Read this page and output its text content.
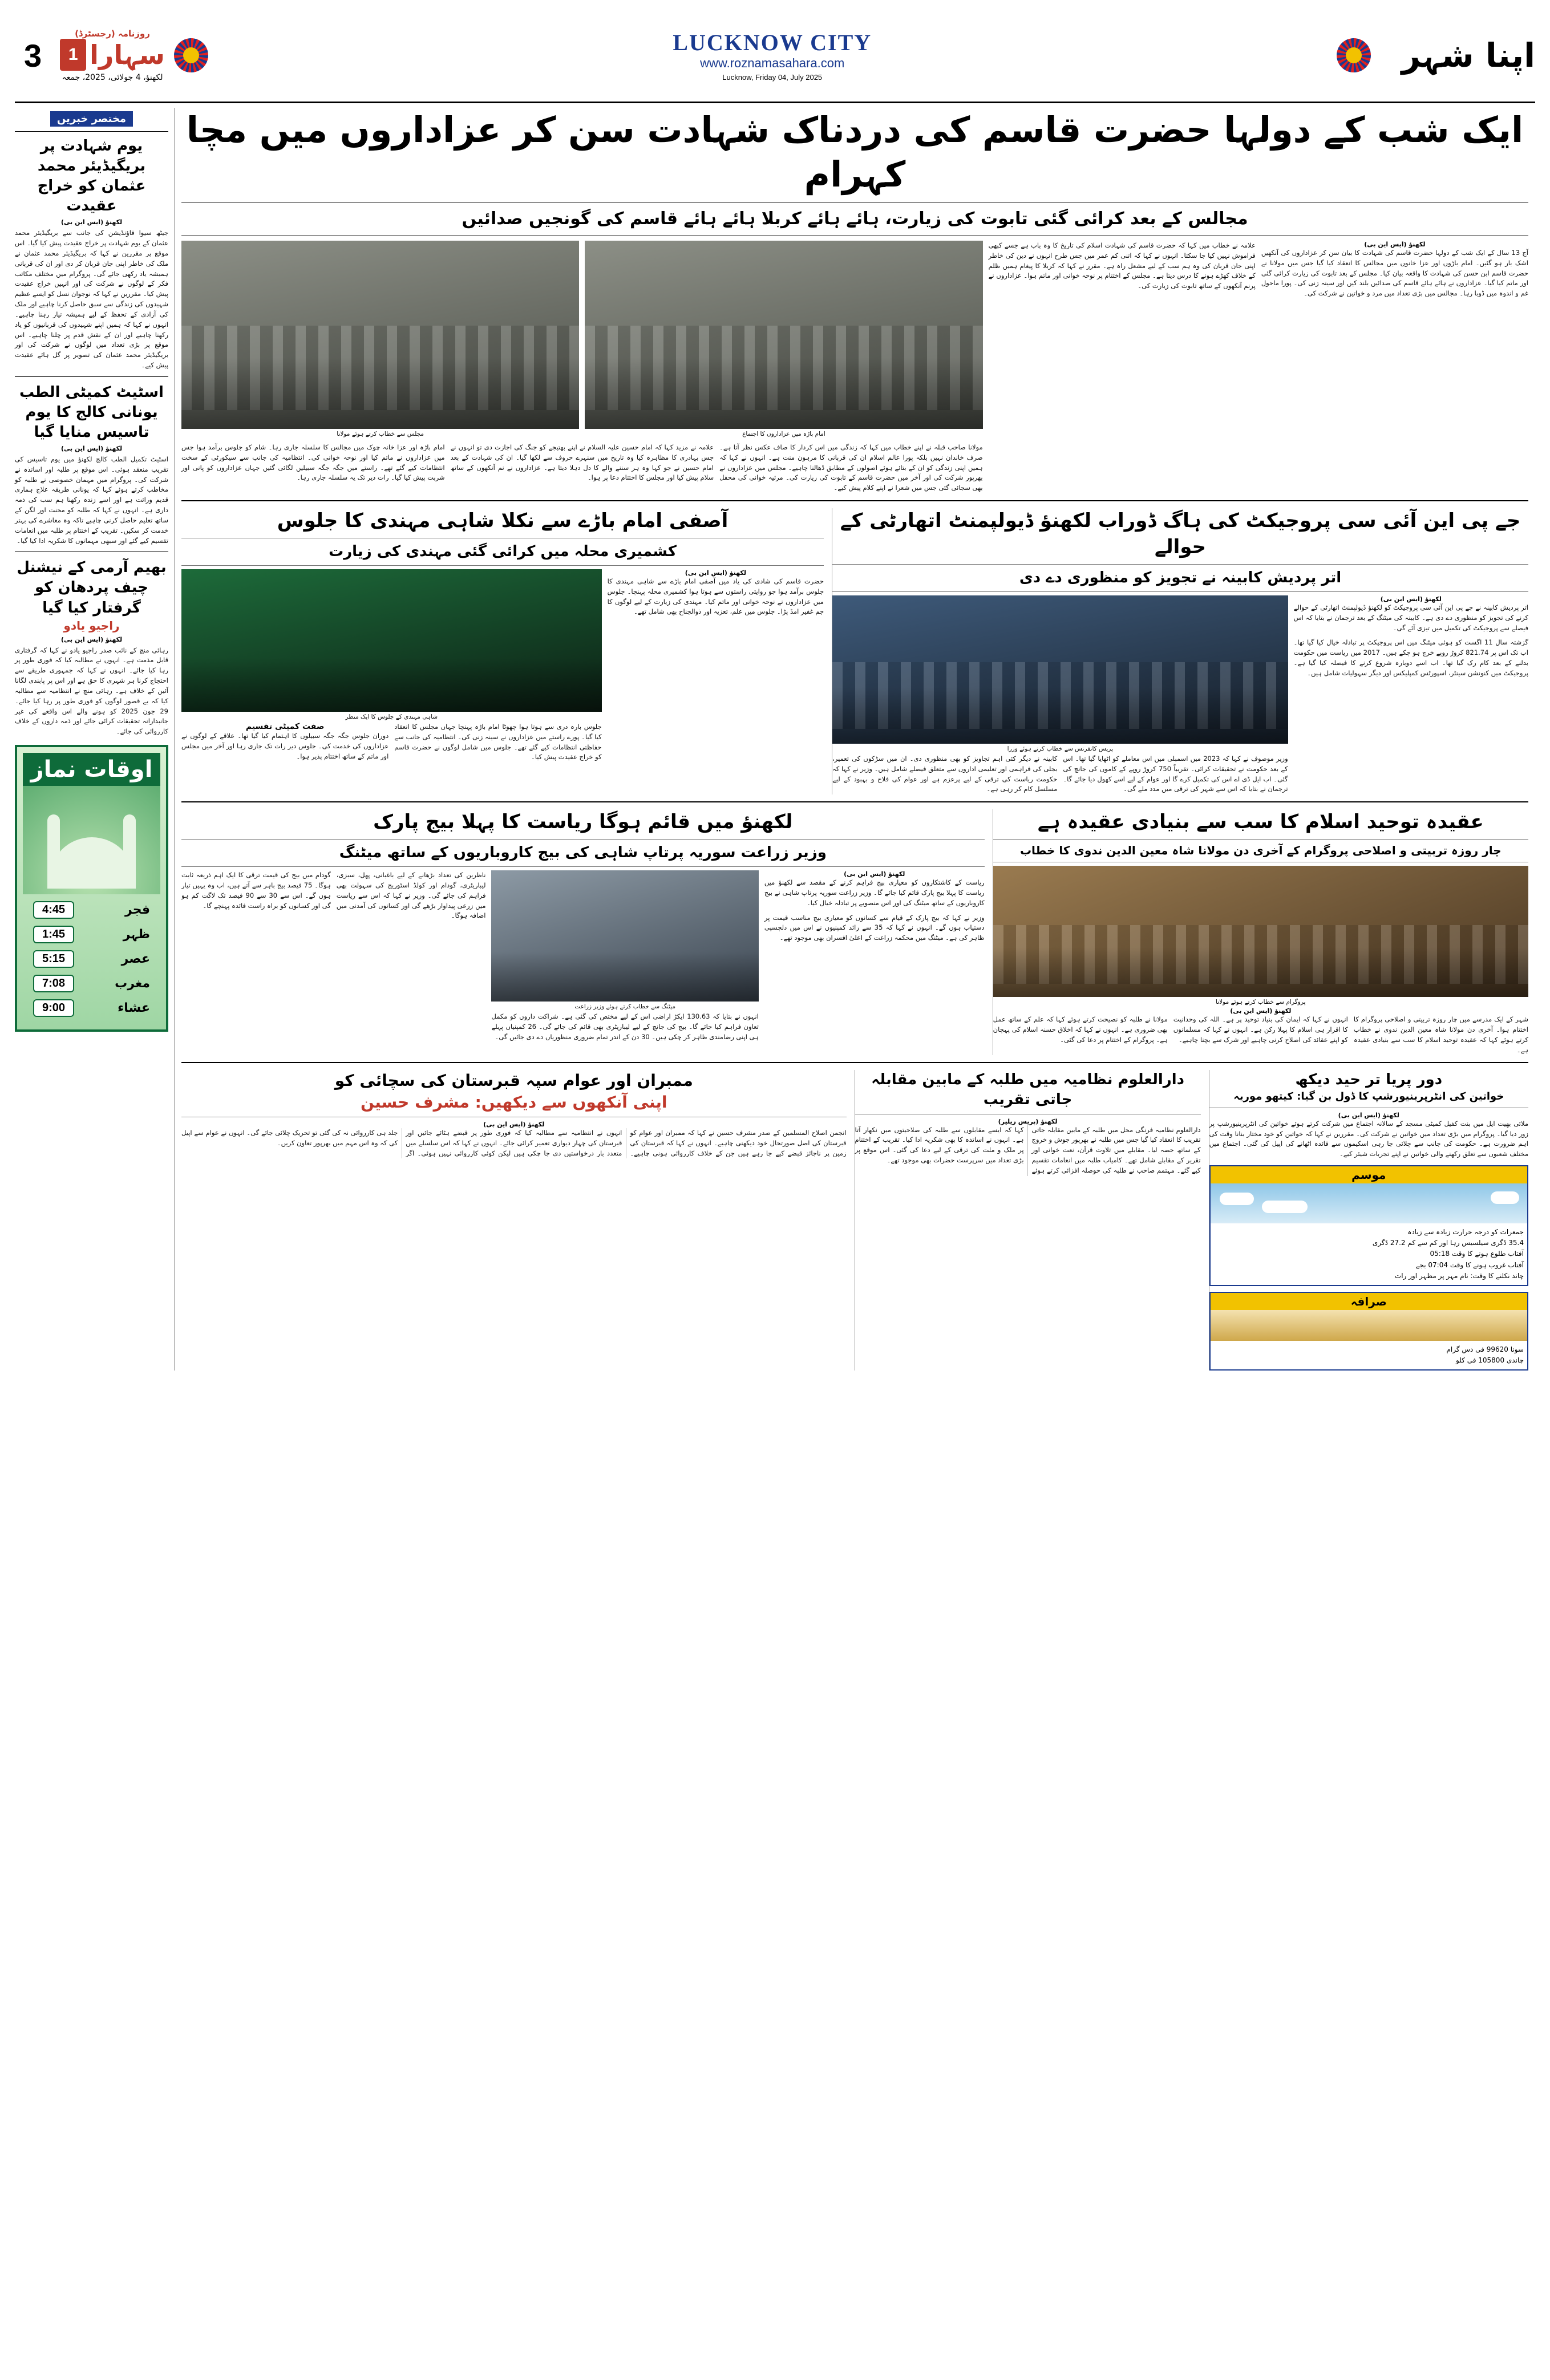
3
روزنامہ (رجسٹرڈ)
1 سہارا
لکھنؤ، 4 جولائی، 2025، جمعہ
LUCKNOW CITY
www.roznamasahara.com
Lucknow, Friday 04, July 2025
اپنا شہر
مختصر خبریں
یوم شہادت پر بریگیڈیئر محمد عثمان کو خراج عقیدت
لکھنؤ (ایس این بی)
جیٹھ سیوا فاؤنڈیشن کی جانب سے بریگیڈیئر محمد عثمان کے یوم شہادت پر خراج عقیدت پیش کیا گیا۔ اس موقع پر مقررین نے کہا کہ بریگیڈیئر محمد عثمان نے ملک کی خاطر اپنی جان قربان کر دی اور ان کی قربانی ہمیشہ یاد رکھی جائے گی۔ پروگرام میں مختلف مکاتب فکر کے لوگوں نے شرکت کی اور انہیں خراج عقیدت پیش کیا۔ مقررین نے کہا کہ نوجوان نسل کو ایسے عظیم شہیدوں کی زندگی سے سبق حاصل کرنا چاہیے اور ملک کی آزادی کے تحفظ کے لیے ہمیشہ تیار رہنا چاہیے۔ انہوں نے کہا کہ ہمیں اپنے شہیدوں کی قربانیوں کو یاد رکھنا چاہیے اور ان کے نقش قدم پر چلنا چاہیے۔ اس موقع پر بڑی تعداد میں لوگوں نے شرکت کی اور بریگیڈیئر محمد عثمان کی تصویر پر گل ہائے عقیدت پیش کیے۔
اسٹیٹ کمیٹی الطب یونانی کالج کا یوم تاسیس منایا گیا
لکھنؤ (ایس این بی)
اسٹیٹ تکمیل الطب کالج لکھنؤ میں یوم تاسیس کی تقریب منعقد ہوئی۔ اس موقع پر طلبہ اور اساتذہ نے شرکت کی۔ پروگرام میں مہمان خصوصی نے طلبہ کو مخاطب کرتے ہوئے کہا کہ یونانی طریقہ علاج ہماری قدیم وراثت ہے اور اسے زندہ رکھنا ہم سب کی ذمہ داری ہے۔ انہوں نے کہا کہ طلبہ کو محنت اور لگن کے ساتھ تعلیم حاصل کرنی چاہیے تاکہ وہ معاشرے کی بہتر خدمت کر سکیں۔ تقریب کے اختتام پر طلبہ میں انعامات تقسیم کیے گئے اور سبھی مہمانوں کا شکریہ ادا کیا گیا۔
بھیم آرمی کے نیشنل چیف پردھان کو گرفتار کیا گیا
راجیو یادو
لکھنؤ (ایس این بی)
رہائی منچ کے نائب صدر راجیو یادو نے کہا کہ گرفتاری قابل مذمت ہے۔ انہوں نے مطالبہ کیا کہ فوری طور پر رہا کیا جائے۔ انہوں نے کہا کہ جمہوری طریقے سے احتجاج کرنا ہر شہری کا حق ہے اور اس پر پابندی لگانا آئین کے خلاف ہے۔ رہائی منچ نے انتظامیہ سے مطالبہ کیا کہ بے قصور لوگوں کو فوری طور پر رہا کیا جائے۔ 29 جون 2025 کو ہونے والے اس واقعے کی غیر جانبدارانہ تحقیقات کرائی جائے اور ذمہ داروں کے خلاف کارروائی کی جائے۔
اوقات نماز
4:45	فجر
1:45	ظہر
5:15	عصر
7:08	مغرب
9:00	عشاء
ایک شب کے دولہا حضرت قاسم کی دردناک شہادت سن کر عزاداروں میں مچا کہرام
مجالس کے بعد کرائی گئی تابوت کی زیارت، ہائے ہائے کربلا ہائے ہائے قاسم کی گونجیں صدائیں
لکھنؤ (ایس این بی)
آج 13 سال کے ایک شب کے دولہا حضرت قاسم کی شہادت کا بیان سن کر عزاداروں کی آنکھیں اشک بار ہو گئیں۔ امام باڑوں اور عزا خانوں میں مجالس کا انعقاد کیا گیا جس میں مولانا نے حضرت قاسم ابن حسن کی شہادت کا واقعہ بیان کیا۔ مجلس کے بعد تابوت کی زیارت کرائی گئی اور ماتم کیا گیا۔ عزاداروں نے ہائے ہائے قاسم کی صدائیں بلند کیں اور سینہ زنی کی۔ پورا ماحول غم و اندوہ میں ڈوبا رہا۔ مجالس میں بڑی تعداد میں مرد و خواتین نے شرکت کی۔
علامہ نے خطاب میں کہا کہ حضرت قاسم کی شہادت اسلام کی تاریخ کا وہ باب ہے جسے کبھی فراموش نہیں کیا جا سکتا۔ انہوں نے کہا کہ اتنی کم عمر میں جس طرح انہوں نے دین کی خاطر اپنی جان قربان کی وہ ہم سب کے لیے مشعل راہ ہے۔ مقرر نے کہا کہ کربلا کا پیغام ہمیں ظلم کے خلاف کھڑے ہونے کا درس دیتا ہے۔ مجلس کے اختتام پر نوحہ خوانی اور ماتم ہوا۔ عزاداروں نے پرنم آنکھوں کے ساتھ تابوت کی زیارت کی۔
امام باڑہ میں عزاداروں کا اجتماع
مجلس سے خطاب کرتے ہوئے مولانا
مولانا صاحب قبلہ نے اپنے خطاب میں کہا کہ زندگی میں اس کردار کا صاف عکس نظر آتا ہے۔ صرف خاندان نہیں بلکہ پورا عالم اسلام ان کی قربانی کا مرہون منت ہے۔ انہوں نے کہا کہ ہمیں اپنی زندگی کو ان کے بتائے ہوئے اصولوں کے مطابق ڈھالنا چاہیے۔ مجلس میں عزاداروں نے بھرپور شرکت کی اور آخر میں حضرت قاسم کے تابوت کی زیارت کی۔ مرثیہ خوانی کی محفل بھی سجائی گئی جس میں شعرا نے اپنے کلام پیش کیے۔
علامہ نے مزید کہا کہ امام حسین علیہ السلام نے اپنے بھتیجے کو جنگ کی اجازت دی تو انہوں نے جس بہادری کا مظاہرہ کیا وہ تاریخ میں سنہرے حروف سے لکھا گیا۔ ان کی شہادت کے بعد امام حسین نے جو کہا وہ ہر سننے والے کا دل دہلا دیتا ہے۔ عزاداروں نے نم آنکھوں کے ساتھ سلام پیش کیا اور مجلس کا اختتام دعا پر ہوا۔
امام باڑہ اور عزا خانہ چوک میں مجالس کا سلسلہ جاری رہا۔ شام کو جلوس برآمد ہوا جس میں عزاداروں نے ماتم کیا اور نوحہ خوانی کی۔ انتظامیہ کی جانب سے سیکورٹی کے سخت انتظامات کیے گئے تھے۔ راستے میں جگہ جگہ سبیلیں لگائی گئیں جہاں عزاداروں کو پانی اور شربت پیش کیا گیا۔ رات دیر تک یہ سلسلہ جاری رہا۔
جے پی این آئی سی پروجیکٹ کی ہاگ ڈوراب لکھنؤ ڈیولپمنٹ اتھارٹی کے حوالے
اتر پردیش کابینہ نے تجویز کو منظوری دے دی
لکھنؤ (ایس این بی)
اتر پردیش کابینہ نے جے پی این آئی سی پروجیکٹ کو لکھنؤ ڈیولپمنٹ اتھارٹی کے حوالے کرنے کی تجویز کو منظوری دے دی ہے۔ کابینہ کی میٹنگ کے بعد ترجمان نے بتایا کہ اس فیصلے سے پروجیکٹ کی تکمیل میں تیزی آئے گی۔
گزشتہ سال 11 اگست کو ہوئی میٹنگ میں اس پروجیکٹ پر تبادلہ خیال کیا گیا تھا۔ اب تک اس پر 821.74 کروڑ روپے خرچ ہو چکے ہیں۔ 2017 میں ریاست میں حکومت بدلنے کے بعد کام رک گیا تھا۔ اب اسے دوبارہ شروع کرنے کا فیصلہ کیا گیا ہے۔ پروجیکٹ میں کنونشن سینٹر، اسپورٹس کمپلیکس اور دیگر سہولیات شامل ہیں۔
پریس کانفرنس سے خطاب کرتے ہوئے وزرا
وزیر موصوف نے کہا کہ 2023 میں اسمبلی میں اس معاملے کو اٹھایا گیا تھا۔ اس کے بعد حکومت نے تحقیقات کرائی۔ تقریباً 750 کروڑ روپے کے کاموں کی جانچ کی گئی۔ اب ایل ڈی اے اس کی تکمیل کرے گا اور عوام کے لیے اسے کھول دیا جائے گا۔ ترجمان نے بتایا کہ اس سے شہر کی ترقی میں مدد ملے گی۔
کابینہ نے دیگر کئی اہم تجاویز کو بھی منظوری دی۔ ان میں سڑکوں کی تعمیر، بجلی کی فراہمی اور تعلیمی اداروں سے متعلق فیصلے شامل ہیں۔ وزیر نے کہا کہ حکومت ریاست کی ترقی کے لیے پرعزم ہے اور عوام کی فلاح و بہبود کے لیے مسلسل کام کر رہی ہے۔
آصفی امام باڑے سے نکلا شاہی مہندی کا جلوس
کشمیری محلہ میں کرائی گئی مہندی کی زیارت
لکھنؤ (ایس این بی)
حضرت قاسم کی شادی کی یاد میں آصفی امام باڑے سے شاہی مہندی کا جلوس برآمد ہوا جو روایتی راستوں سے ہوتا ہوا کشمیری محلہ پہنچا۔ جلوس میں عزاداروں نے نوحہ خوانی اور ماتم کیا۔ مہندی کی زیارت کے لیے لوگوں کا جم غفیر امڈ پڑا۔ جلوس میں علم، تعزیہ اور ذوالجناح بھی شامل تھے۔
شاہی مہندی کے جلوس کا ایک منظر
جلوس بارہ دری سے ہوتا ہوا چھوٹا امام باڑہ پہنچا جہاں مجلس کا انعقاد کیا گیا۔ پورے راستے میں عزاداروں نے سینہ زنی کی۔ انتظامیہ کی جانب سے حفاظتی انتظامات کیے گئے تھے۔ جلوس میں شامل لوگوں نے حضرت قاسم کو خراج عقیدت پیش کیا۔
صفت کمیٹی تقسیم
دوران جلوس جگہ جگہ سبیلوں کا اہتمام کیا گیا تھا۔ علاقے کے لوگوں نے عزاداروں کی خدمت کی۔ جلوس دیر رات تک جاری رہا اور آخر میں مجلس اور ماتم کے ساتھ اختتام پذیر ہوا۔
عقیدہ توحید اسلام کا سب سے بنیادی عقیدہ ہے
چار روزہ تربیتی و اصلاحی پروگرام کے آخری دن مولانا شاہ معین الدین ندوی کا خطاب
پروگرام سے خطاب کرتے ہوئے مولانا
لکھنؤ (ایس این بی)
شہر کے ایک مدرسے میں چار روزہ تربیتی و اصلاحی پروگرام کا اختتام ہوا۔ آخری دن مولانا شاہ معین الدین ندوی نے خطاب کرتے ہوئے کہا کہ عقیدہ توحید اسلام کا سب سے بنیادی عقیدہ ہے۔
انہوں نے کہا کہ ایمان کی بنیاد توحید پر ہے۔ اللہ کی وحدانیت کا اقرار ہی اسلام کا پہلا رکن ہے۔ انہوں نے کہا کہ مسلمانوں کو اپنے عقائد کی اصلاح کرنی چاہیے اور شرک سے بچنا چاہیے۔
مولانا نے طلبہ کو نصیحت کرتے ہوئے کہا کہ علم کے ساتھ عمل بھی ضروری ہے۔ انہوں نے کہا کہ اخلاق حسنہ اسلام کی پہچان ہے۔ پروگرام کے اختتام پر دعا کی گئی۔
لکھنؤ میں قائم ہوگا ریاست کا پہلا بیج پارک
وزیر زراعت سوریہ پرتاپ شاہی کی بیج کاروباریوں کے ساتھ میٹنگ
لکھنؤ (ایس این بی)
ریاست کے کاشتکاروں کو معیاری بیج فراہم کرنے کے مقصد سے لکھنؤ میں ریاست کا پہلا بیج پارک قائم کیا جائے گا۔ وزیر زراعت سوریہ پرتاپ شاہی نے بیج کاروباریوں کے ساتھ میٹنگ کی اور اس منصوبے پر تبادلہ خیال کیا۔
وزیر نے کہا کہ بیج پارک کے قیام سے کسانوں کو معیاری بیج مناسب قیمت پر دستیاب ہوں گے۔ انہوں نے کہا کہ 35 سے زائد کمپنیوں نے اس میں دلچسپی ظاہر کی ہے۔ میٹنگ میں محکمہ زراعت کے اعلیٰ افسران بھی موجود تھے۔
میٹنگ سے خطاب کرتے ہوئے وزیر زراعت
انہوں نے بتایا کہ 130.63 ایکڑ اراضی اس کے لیے مختص کی گئی ہے۔ شراکت داروں کو مکمل تعاون فراہم کیا جائے گا۔ بیج کی جانچ کے لیے لیباریٹری بھی قائم کی جائے گی۔ 26 کمپنیاں پہلے ہی اپنی رضامندی ظاہر کر چکی ہیں۔ 30 دن کے اندر تمام ضروری منظوریاں دے دی جائیں گی۔
ناظرین کی تعداد بڑھانے کے لیے باغبانی، پھل، سبزی، لیباریٹری، گودام اور کولڈ اسٹوریج کی سہولت بھی فراہم کی جائے گی۔ وزیر نے کہا کہ اس سے ریاست میں زرعی پیداوار بڑھے گی اور کسانوں کی آمدنی میں اضافہ ہوگا۔
گودام میں بیج کی قیمت ترقی کا ایک اہم ذریعہ ثابت ہوگا۔ 75 فیصد بیج باہر سے آتے ہیں، اب وہ یہیں تیار ہوں گے۔ اس سے 30 سے 90 فیصد تک لاگت کم ہو گی اور کسانوں کو براہ راست فائدہ پہنچے گا۔
دور پریا تر حید دیکھ
خواتین کی انٹرپرینیورشپ کا ڈول بن گیا: کیتھو موریہ
لکھنؤ (ایس این بی)
ملائی بھیت ایل میں بنت کفیل کمیٹی مسجد کے سالانہ اجتماع میں شرکت کرتے ہوئے خواتین کی انٹرپرینیورشپ پر زور دیا گیا۔ پروگرام میں بڑی تعداد میں خواتین نے شرکت کی۔ مقررین نے کہا کہ خواتین کو خود مختار بنانا وقت کی اہم ضرورت ہے۔ حکومت کی جانب سے چلائی جا رہی اسکیموں سے فائدہ اٹھانے کی اپیل کی گئی۔ اجتماع میں مختلف شعبوں سے تعلق رکھنے والی خواتین نے اپنے تجربات شیئر کیے۔
موسم
جمعرات کو درجہ حرارت زیادہ سے زیادہ
35.4 ڈگری سیلسیس رہا اور کم سے کم 27.2 ڈگری
آفتاب طلوع ہونے کا وقت 05:18
آفتاب غروب ہونے کا وقت 07:04 بجے
چاند نکلنے کا وقت: نام مہر پر مظہر اور رات
صرافہ
سونا 99620 فی دس گرام
چاندی 105800 فی کلو
دارالعلوم نظامیہ میں طلبہ کے مابین مقابلہ جاتی تقریب
لکھنؤ (پریس ریلیز)
دارالعلوم نظامیہ فرنگی محل میں طلبہ کے مابین مقابلہ جاتی تقریب کا انعقاد کیا گیا جس میں طلبہ نے بھرپور جوش و خروج کے ساتھ حصہ لیا۔ مقابلے میں تلاوت قرآن، نعت خوانی اور تقریر کے مقابلے شامل تھے۔ کامیاب طلبہ میں انعامات تقسیم کیے گئے۔ مہتمم صاحب نے طلبہ کی حوصلہ افزائی کرتے ہوئے کہا کہ ایسے مقابلوں سے طلبہ کی صلاحیتوں میں نکھار آتا ہے۔ انہوں نے اساتذہ کا بھی شکریہ ادا کیا۔ تقریب کے اختتام پر ملک و ملت کی ترقی کے لیے دعا کی گئی۔ اس موقع پر بڑی تعداد میں سرپرست حضرات بھی موجود تھے۔
ممبران اور عوام سپہ قبرستان کی سچائی کو
اپنی آنکھوں سے دیکھیں: مشرف حسین
لکھنؤ (ایس این بی)
انجمن اصلاح المسلمین کے صدر مشرف حسین نے کہا کہ ممبران اور عوام کو قبرستان کی اصل صورتحال خود دیکھنی چاہیے۔ انہوں نے کہا کہ قبرستان کی زمین پر ناجائز قبضے کیے جا رہے ہیں جن کے خلاف کارروائی ہونی چاہیے۔ انہوں نے انتظامیہ سے مطالبہ کیا کہ فوری طور پر قبضے ہٹائے جائیں اور قبرستان کی چہار دیواری تعمیر کرائی جائے۔ انہوں نے کہا کہ اس سلسلے میں متعدد بار درخواستیں دی جا چکی ہیں لیکن کوئی کارروائی نہیں ہوئی۔ اگر جلد ہی کارروائی نہ کی گئی تو تحریک چلائی جائے گی۔ انہوں نے عوام سے اپیل کی کہ وہ اس مہم میں بھرپور تعاون کریں۔
